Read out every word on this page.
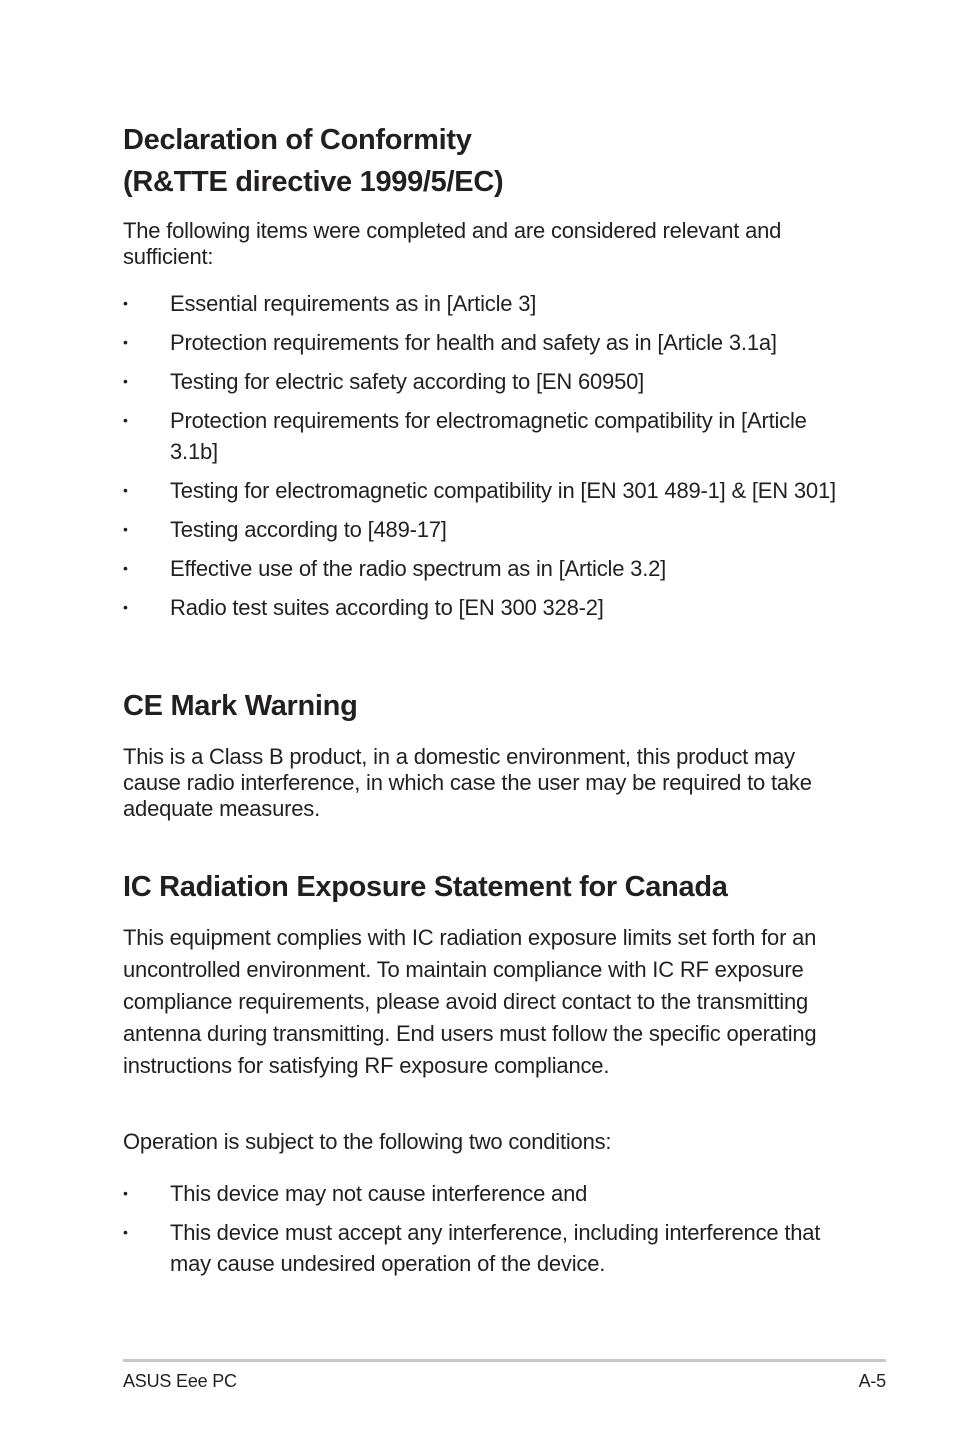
Declaration of Conformity
(R&TTE directive 1999/5/EC)

The following items were completed and are considered relevant and sufficient:

•	Essential requirements as in [Article 3]
•	Protection requirements for health and safety as in [Article 3.1a]
•	Testing for electric safety according to [EN 60950]
•	Protection requirements for electromagnetic compatibility in [Article 3.1b]
•	Testing for electromagnetic compatibility in [EN 301 489-1] & [EN 301]
•	Testing according to [489-17]
•	Effective use of the radio spectrum as in [Article 3.2]
•	Radio test suites according to [EN 300 328-2]
CE Mark Warning

This is a Class B product, in a domestic environment, this product may cause radio interference, in which case the user may be required to take adequate measures.

IC Radiation Exposure Statement for Canada

This equipment complies with IC radiation exposure limits set forth for an uncontrolled environment. To maintain compliance with IC RF exposure compliance requirements, please avoid direct contact to the transmitting antenna during transmitting. End users must follow the specific operating instructions for satisfying RF exposure compliance.

Operation is subject to the following two conditions:

•	This device may not cause interference and
•	This device must accept any interference, including interference that  may cause undesired operation of the device.
ASUS Eee PC	A-5
